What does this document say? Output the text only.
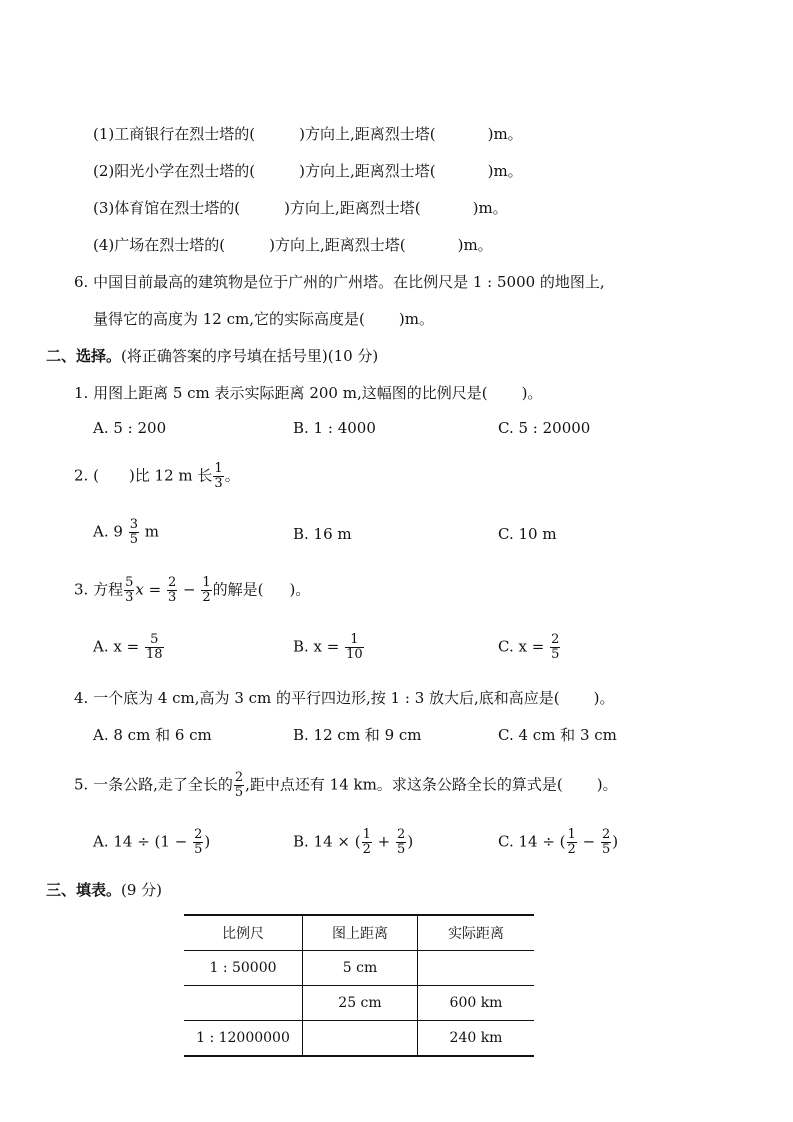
(1)工商银行在烈士塔的(	)方向上,距离烈士塔(	)m。
(2)阳光小学在烈士塔的(	)方向上,距离烈士塔(	)m。
(3)体育馆在烈士塔的(	)方向上,距离烈士塔(	)m。
(4)广场在烈士塔的(	)方向上,距离烈士塔(	)m。
6. 中国目前最高的建筑物是位于广州的广州塔。在比例尺是 1 : 5000 的地图上,
量得它的高度为 12 cm,它的实际高度是( )m。
二、选择。(将正确答案的序号填在括号里)(10 分)
1. 用图上距离 5 cm 表示实际距离 200 m,这幅图的比例尺是( )。
A. 5 : 200	B. 1 : 4000	C. 5 : 20000
2. ( )比 12 m 长 $\frac{1}{3}$ 。
A. $9 \frac{3}{5}$ m	B. 16 m	C. 10 m
3. 方程 $\frac{5}{3}$ $x = \frac{2}{3} - \frac{1}{2}$ 的解是( )。
A. $x = \frac{5}{18}$	B. $x = \frac{1}{10}$	C. $x = \frac{2}{5}$
4. 一个底为 4 cm,高为 3 cm 的平行四边形,按 1 : 3 放大后,底和高应是( )。
A. 8 cm 和 6 cm	B. 12 cm 和 9 cm	C. 4 cm 和 3 cm
5. 一条公路,走了全长的 $\frac{2}{5}$ ,距中点还有 14 km。求这条公路全长的算式是( )。
A. $14 \div (1 - \frac{2}{5}$ )	B. 14 × ( $\frac{1}{2} + \frac{2}{5}$ )	C. 14 ÷ ( $\frac{1}{2} - \frac{2}{5}$ )
三、填表。(9 分)
比例尺	图上距离	实际距离
1 : 50000	5 cm	
	25 cm	600 km
1 : 12000000		240 km
